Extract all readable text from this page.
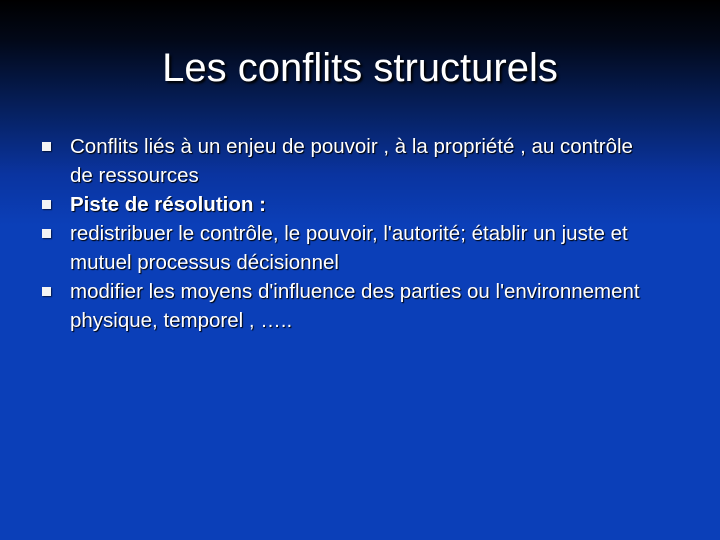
Les conflits structurels
Conflits liés à un enjeu de pouvoir , à la propriété , au contrôle de ressources
Piste de résolution :
redistribuer le contrôle, le pouvoir, l'autorité; établir un juste et mutuel processus décisionnel
modifier les moyens d'influence des parties ou l'environnement physique, temporel , …..
